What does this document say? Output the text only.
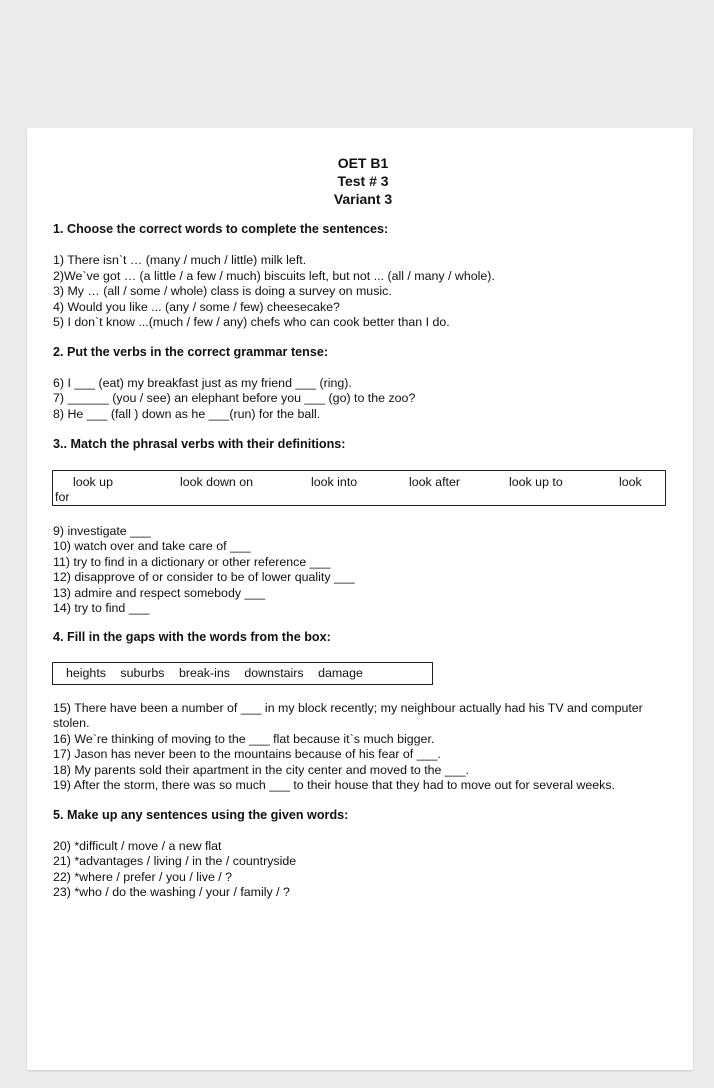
OET B1

Test # 3

Variant 3

1. Choose the correct words to complete the sentences:

1) There isn`t … (many / much / little) milk left.
2)We`ve got … (a little / a few / much) biscuits left, but not ... (all / many / whole).
3) My … (all / some / whole) class is doing a survey on music.
4) Would you like ... (any / some / few) cheesecake?
5) I don`t know ...(much / few / any) chefs who can cook better than I do.

2. Put the verbs in the correct grammar tense:

6) I ___ (eat) my breakfast just as my friend ___ (ring).
7) ______ (you / see) an elephant before you ___ (go) to the zoo?
8) He ___ (fall ) down as he ___(run) for the ball.

3.. Match the phrasal verbs with their definitions:

look up	look down on	look into	look after	look up to	look
for
9) investigate ___
10) watch over and take care of ___
11) try to find in a dictionary or other reference ___
12) disapprove of or consider to be of lower quality ___
13) admire and respect somebody ___
14) try to find ___

4. Fill in the gaps with the words from the box:

heights suburbs break-ins downstairs damage
15) There have been a number of ___ in my block recently; my neighbour actually had his TV and computer stolen.
16) We`re thinking of moving to the ___ flat because it`s much bigger.
17) Jason has never been to the mountains because of his fear of ___.
18) My parents sold their apartment in the city center and moved to the ___.
19) After the storm, there was so much ___ to their house that they had to move out for several weeks.

5. Make up any sentences using the given words:

20) *difficult / move / a new flat
21) *advantages / living / in the / countryside
22) *where / prefer / you / live / ?
23) *who / do the washing / your / family / ?
